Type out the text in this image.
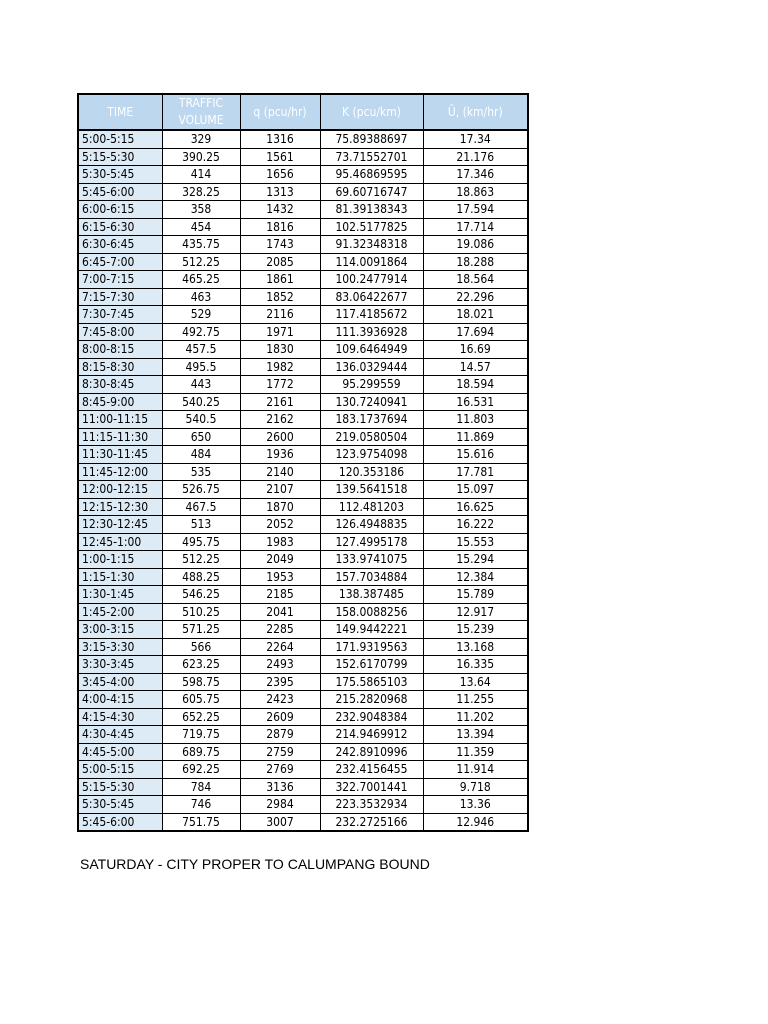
TIME	TRAFFIC
VOLUME	q (pcu/hr)	K (pcu/km)	Ū, (km/hr)
5:00-5:15	329	1316	75.89388697	17.34
5:15-5:30	390.25	1561	73.71552701	21.176
5:30-5:45	414	1656	95.46869595	17.346
5:45-6:00	328.25	1313	69.60716747	18.863
6:00-6:15	358	1432	81.39138343	17.594
6:15-6:30	454	1816	102.5177825	17.714
6:30-6:45	435.75	1743	91.32348318	19.086
6:45-7:00	512.25	2085	114.0091864	18.288
7:00-7:15	465.25	1861	100.2477914	18.564
7:15-7:30	463	1852	83.06422677	22.296
7:30-7:45	529	2116	117.4185672	18.021
7:45-8:00	492.75	1971	111.3936928	17.694
8:00-8:15	457.5	1830	109.6464949	16.69
8:15-8:30	495.5	1982	136.0329444	14.57
8:30-8:45	443	1772	95.299559	18.594
8:45-9:00	540.25	2161	130.7240941	16.531
11:00-11:15	540.5	2162	183.1737694	11.803
11:15-11:30	650	2600	219.0580504	11.869
11:30-11:45	484	1936	123.9754098	15.616
11:45-12:00	535	2140	120.353186	17.781
12:00-12:15	526.75	2107	139.5641518	15.097
12:15-12:30	467.5	1870	112.481203	16.625
12:30-12:45	513	2052	126.4948835	16.222
12:45-1:00	495.75	1983	127.4995178	15.553
1:00-1:15	512.25	2049	133.9741075	15.294
1:15-1:30	488.25	1953	157.7034884	12.384
1:30-1:45	546.25	2185	138.387485	15.789
1:45-2:00	510.25	2041	158.0088256	12.917
3:00-3:15	571.25	2285	149.9442221	15.239
3:15-3:30	566	2264	171.9319563	13.168
3:30-3:45	623.25	2493	152.6170799	16.335
3:45-4:00	598.75	2395	175.5865103	13.64
4:00-4:15	605.75	2423	215.2820968	11.255
4:15-4:30	652.25	2609	232.9048384	11.202
4:30-4:45	719.75	2879	214.9469912	13.394
4:45-5:00	689.75	2759	242.8910996	11.359
5:00-5:15	692.25	2769	232.4156455	11.914
5:15-5:30	784	3136	322.7001441	9.718
5:30-5:45	746	2984	223.3532934	13.36
5:45-6:00	751.75	3007	232.2725166	12.946
SATURDAY - CITY PROPER TO CALUMPANG BOUND
